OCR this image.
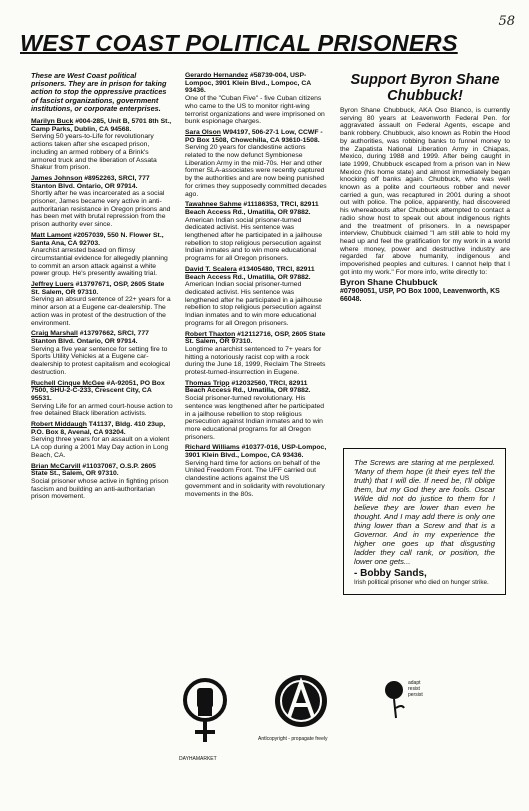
58
WEST COAST POLITICAL PRISONERS

These are West Coast political prisoners. They are in prison for taking action to stop the oppressive practices of fascist organizations, government institutions, or corporate enterprises.

Marilyn Buck #004-285, Unit B, 5701 8th St., Camp Parks, Dublin, CA 94568.
Serving 50 years-to-Life for revolutionary actions taken after she escaped prison, including an armed robbery of a Brink's armored truck and the liberation of Assata Shakur from prison.

James Johnson #8952263, SRCI, 777 Stanton Blvd. Ontario, OR 97914.
Shortly after he was incarcerated as a social prisoner, James became very active in anti-authoritarian resistance in Oregon prisons and has been met with brutal repression from the prison authority ever since.

Matt Lamont #2057039, 550 N. Flower St., Santa Ana, CA 92703.
Anarchist arrested based on flimsy circumstantial evidence for allegedly planning to commit an arson attack against a white power group. He's presently awaiting trial.

Jeffrey Luers #13797671, OSP, 2605 State St. Salem, OR 97310.
Serving an absurd sentence of 22+ years for a minor arson at a Eugene car-dealership. The action was in protest of the destruction of the environment.

Craig Marshall #13797662, SRCI, 777 Stanton Blvd. Ontario, OR 97914.
Serving a five year sentence for setting fire to Sports Utility Vehicles at a Eugene car-dealership to protest capitalism and ecological destruction.

Ruchell Cinque McGee #A-92051, PO Box 7500, SHU-2-C-233, Crescent City, CA 95531.
Serving Life for an armed court-house action to free detained Black liberation activists.

Robert Middaugh T41137, Bldg. 410 23up, P.O. Box 8, Avenal, CA 93204.
Serving three years for an assault on a violent LA cop during a 2001 May Day action in Long Beach, CA.

Brian McCarvill #11037067, O.S.P. 2605 State St., Salem, OR 97310.
Social prisoner whose active in fighting prison fascism and building an anti-authoritarian prison movement.

Gerardo Hernandez #58739-004, USP-Lompoc, 3901 Klein Blvd., Lompoc, CA 93436.
One of the "Cuban Five" - five Cuban citizens who came to the US to monitor right-wing terrorist organizations and were imprisoned on bunk espionage charges.

Sara Olson W94197, 506-27-1 Low, CCWF - PO Box 1508, Chowchilla, CA 93610-1508.
Serving 20 years for clandestine actions related to the now defunct Symbionese Liberation Army in the mid-70s. Her and other former SLA-associates were recently captured by the authorities and are now being punished for crimes they supposedly committed decades ago.

Tawahnee Sahme #11186353, TRCI, 82911 Beach Access Rd., Umatilla, OR 97882.
American Indian social prisoner-turned dedicated activist. His sentence was lengthened after he participated in a jailhouse rebellion to stop religious persecution against Indian inmates and to win more educational programs for all Oregon prisoners.

David T. Scalera #13405480, TRCI, 82911 Beach Access Rd., Umatilla, OR 97882.
American Indian social prisoner-turned dedicated activist. His sentence was lengthened after he participated in a jailhouse rebellion to stop religious persecution against Indian inmates and to win more educational programs for all Oregon prisoners.

Robert Thaxton #12112716, OSP, 2605 State St. Salem, OR 97310.
Longtime anarchist sentenced to 7+ years for hitting a notoriously racist cop with a rock during the June 18, 1999, Reclaim The Streets protest-turned-insurrection in Eugene.

Thomas Tripp #12032560, TRCI, 82911 Beach Access Rd., Umatilla, OR 97882.
Social prisoner-turned revolutionary. His sentence was lengthened after he participated in a jailhouse rebellion to stop religious persecution against Indian inmates and to win more educational programs for all Oregon prisoners.

Richard Williams #10377-016, USP-Lompoc, 3901 Klein Blvd., Lompoc, CA 93436.
Serving hard time for actions on behalf of the United Freedom Front. The UFF carried out clandestine actions against the US government and in solidarity with revolutionary movements in the 80s.

Support Byron Shane Chubbuck!

Byron Shane Chubbuck, AKA Oso Blanco, is currently serving 80 years at Leavenworth Federal Pen. for aggravated assault on Federal Agents, escape and bank robbery. Chubbuck, also known as Robin the Hood by authorities, was robbing banks to funnel money to the Zapatista National Liberation Army in Chiapas, Mexico, during 1988 and 1999. After being caught in late 1999, Chubbuck escaped from a prison van in New Mexico (his home state) and almost immediately began knocking off banks again. Chubbuck, who was well known as a polite and courteous robber and never carried a gun, was recaptured in 2001 during a shoot out with police. The police, apparently, had discovered his whereabouts after Chubbuck attempted to contact a radio show host to speak out about indigenous rights and the treatment of prisoners. In a newspaper interview, Chubbuck claimed "I am still able to hold my head up and feel the gratification for my work in a world where money, power and destructive industry are regarded far above humanity, indigenous and impoverished peoples and cultures. I cannot help that I got into my work." For more info, write directly to:

Byron Shane Chubbuck

#07909051, USP, PO Box 1000, Leavenworth, KS 66048.

The Screws are staring at me perplexed. 'Many of them hope (it their eyes tell the truth) that I will die. If need be, I'll oblige them, but my God they are fools. Oscar Wilde did not do justice to them for I believe they are lower than even he thought. And I may add there is only one thing lower than a Screw and that is a Governor. And in my experience the higher one goes up that disgusting ladder they call rank, or position, the lower one gets...

- Bobby Sands,

Irish political prisoner who died on hunger strike.

DAYHAMARKET
Antlcopyright - propagate freely
adapt resist persist
